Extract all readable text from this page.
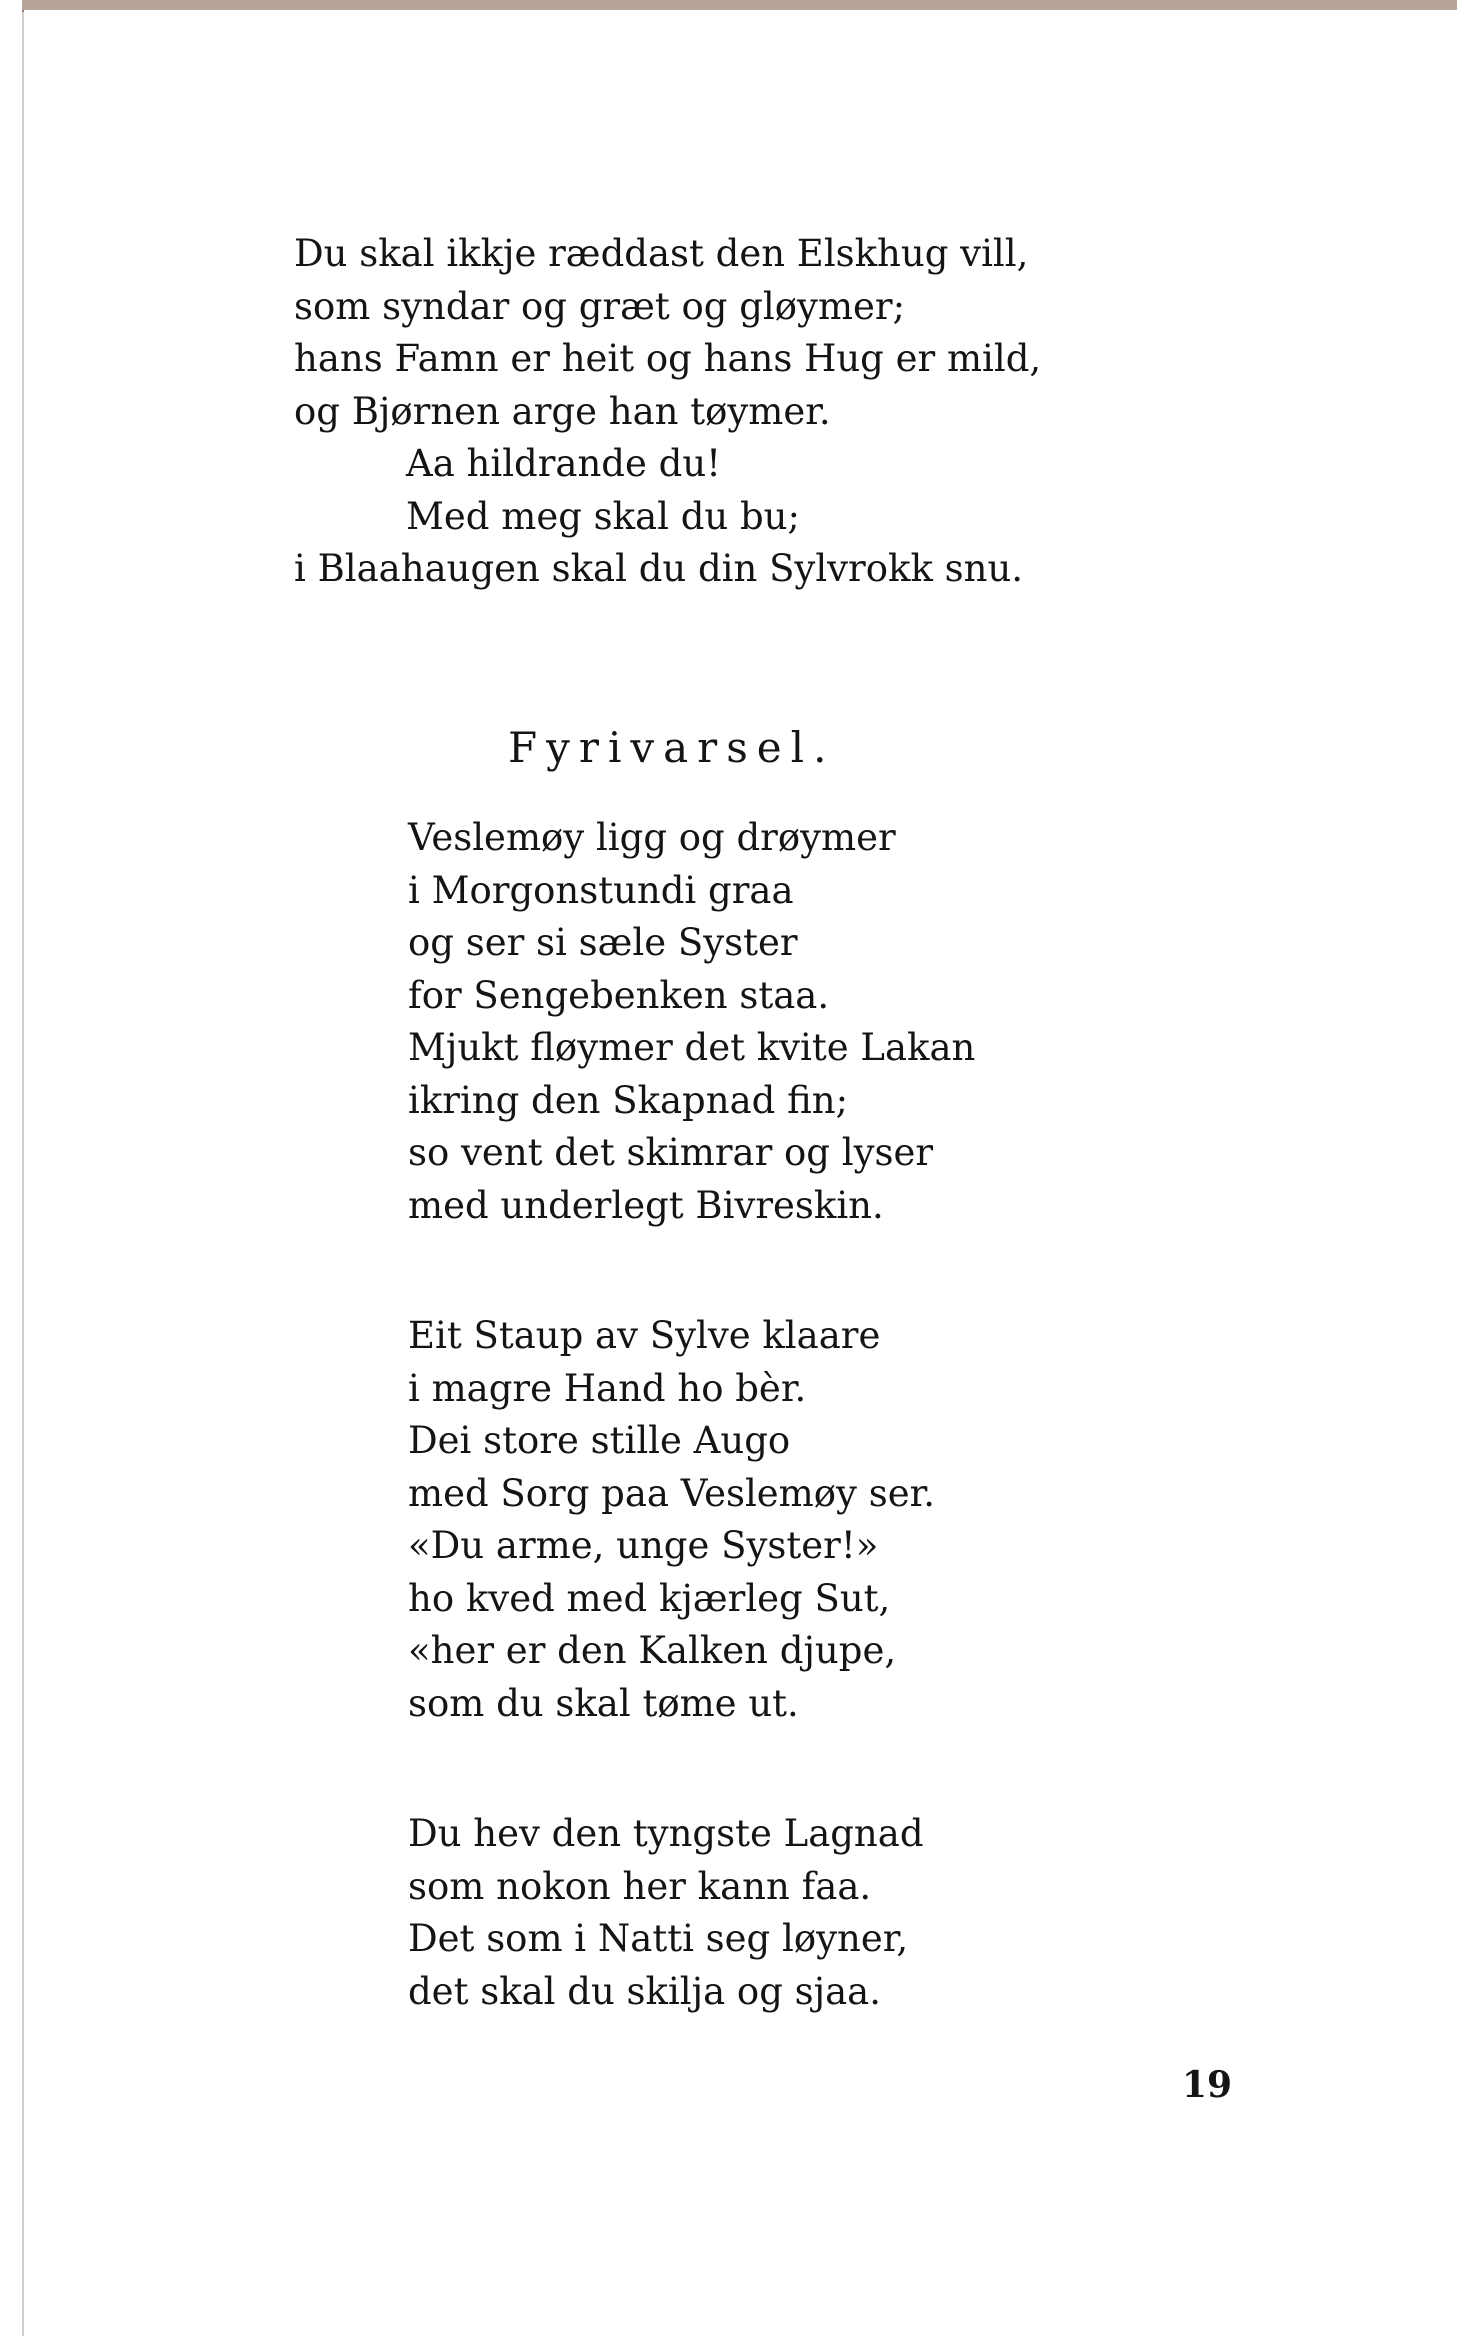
Du skal ikkje ræddast den Elskhug vill,
som syndar og græt og gløymer;
hans Famn er heit og hans Hug er mild,
og Bjørnen arge han tøymer.
Aa hildrande du!
Med meg skal du bu;
i Blaahaugen skal du din Sylvrokk snu.
Fyrivarsel.
Veslemøy ligg og drøymer
i Morgonstundi graa
og ser si sæle Syster
for Sengebenken staa.
Mjukt fløymer det kvite Lakan
ikring den Skapnad fin;
so vent det skimrar og lyser
med underlegt Bivreskin.
Eit Staup av Sylve klaare
i magre Hand ho bèr.
Dei store stille Augo
med Sorg paa Veslemøy ser.
«Du arme, unge Syster!»
ho kved med kjærleg Sut,
«her er den Kalken djupe,
som du skal tøme ut.
Du hev den tyngste Lagnad
som nokon her kann faa.
Det som i Natti seg løyner,
det skal du skilja og sjaa.
19
